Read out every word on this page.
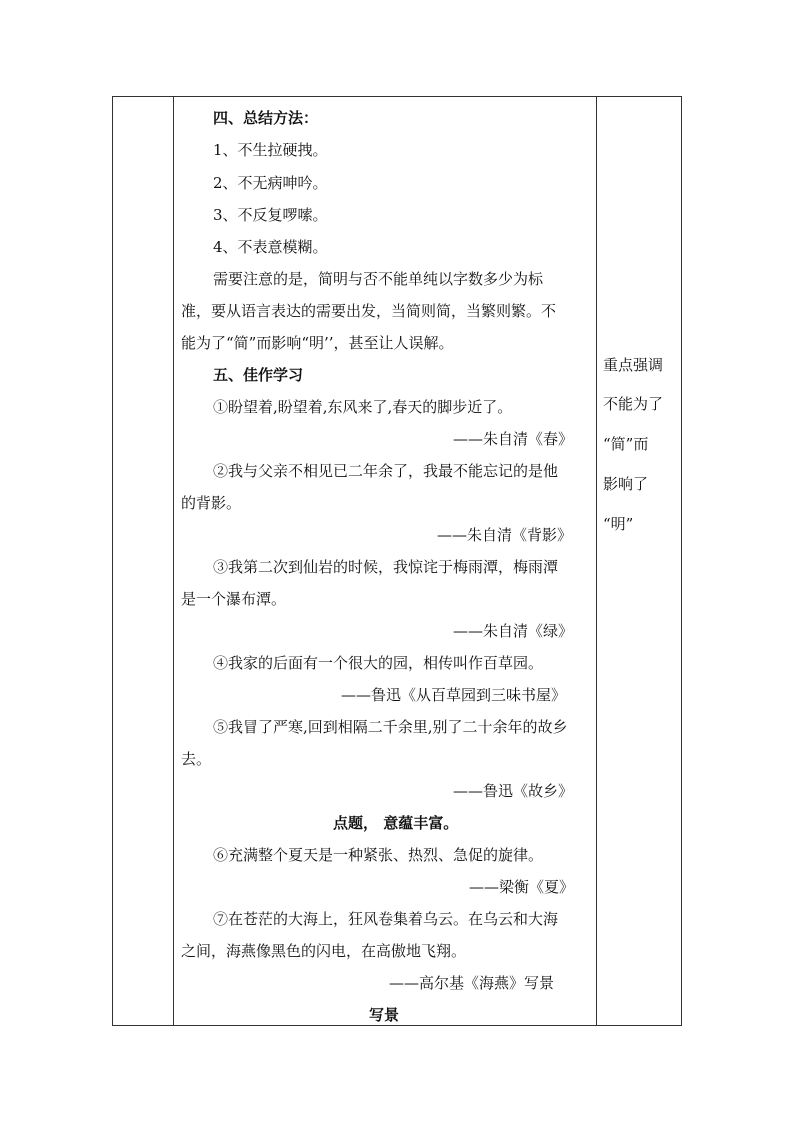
四、总结方法：
1、不生拉硬拽。
2、不无病呻吟。
3、不反复啰嗦。
4、不表意模糊。
需要注意的是，简明与否不能单纯以字数多少为标
准，要从语言表达的需要出发，当简则简，当繁则繁。不
能为了“简”而影响“明’’，甚至让人误解。
五、佳作学习
①盼望着,盼望着,东风来了,春天的脚步近了。
——朱自清《春》
②我与父亲不相见已二年余了，我最不能忘记的是他
的背影。
——朱自清《背影》
③我第二次到仙岩的时候，我惊诧于梅雨潭，梅雨潭
是一个瀑布潭。
——朱自清《绿》
④我家的后面有一个很大的园，相传叫作百草园。
——鲁迅《从百草园到三味书屋》
⑤我冒了严寒,回到相隔二千余里,别了二十余年的故乡
去。
——鲁迅《故乡》
点题， 意蕴丰富。
⑥充满整个夏天是一种紧张、热烈、急促的旋律。
——梁衡《夏》
⑦在苍茫的大海上，狂风卷集着乌云。在乌云和大海
之间，海燕像黑色的闪电，在高傲地飞翔。
——高尔基《海燕》写景
写景
重点强调
不能为了
“简”而
影响了
“明”
